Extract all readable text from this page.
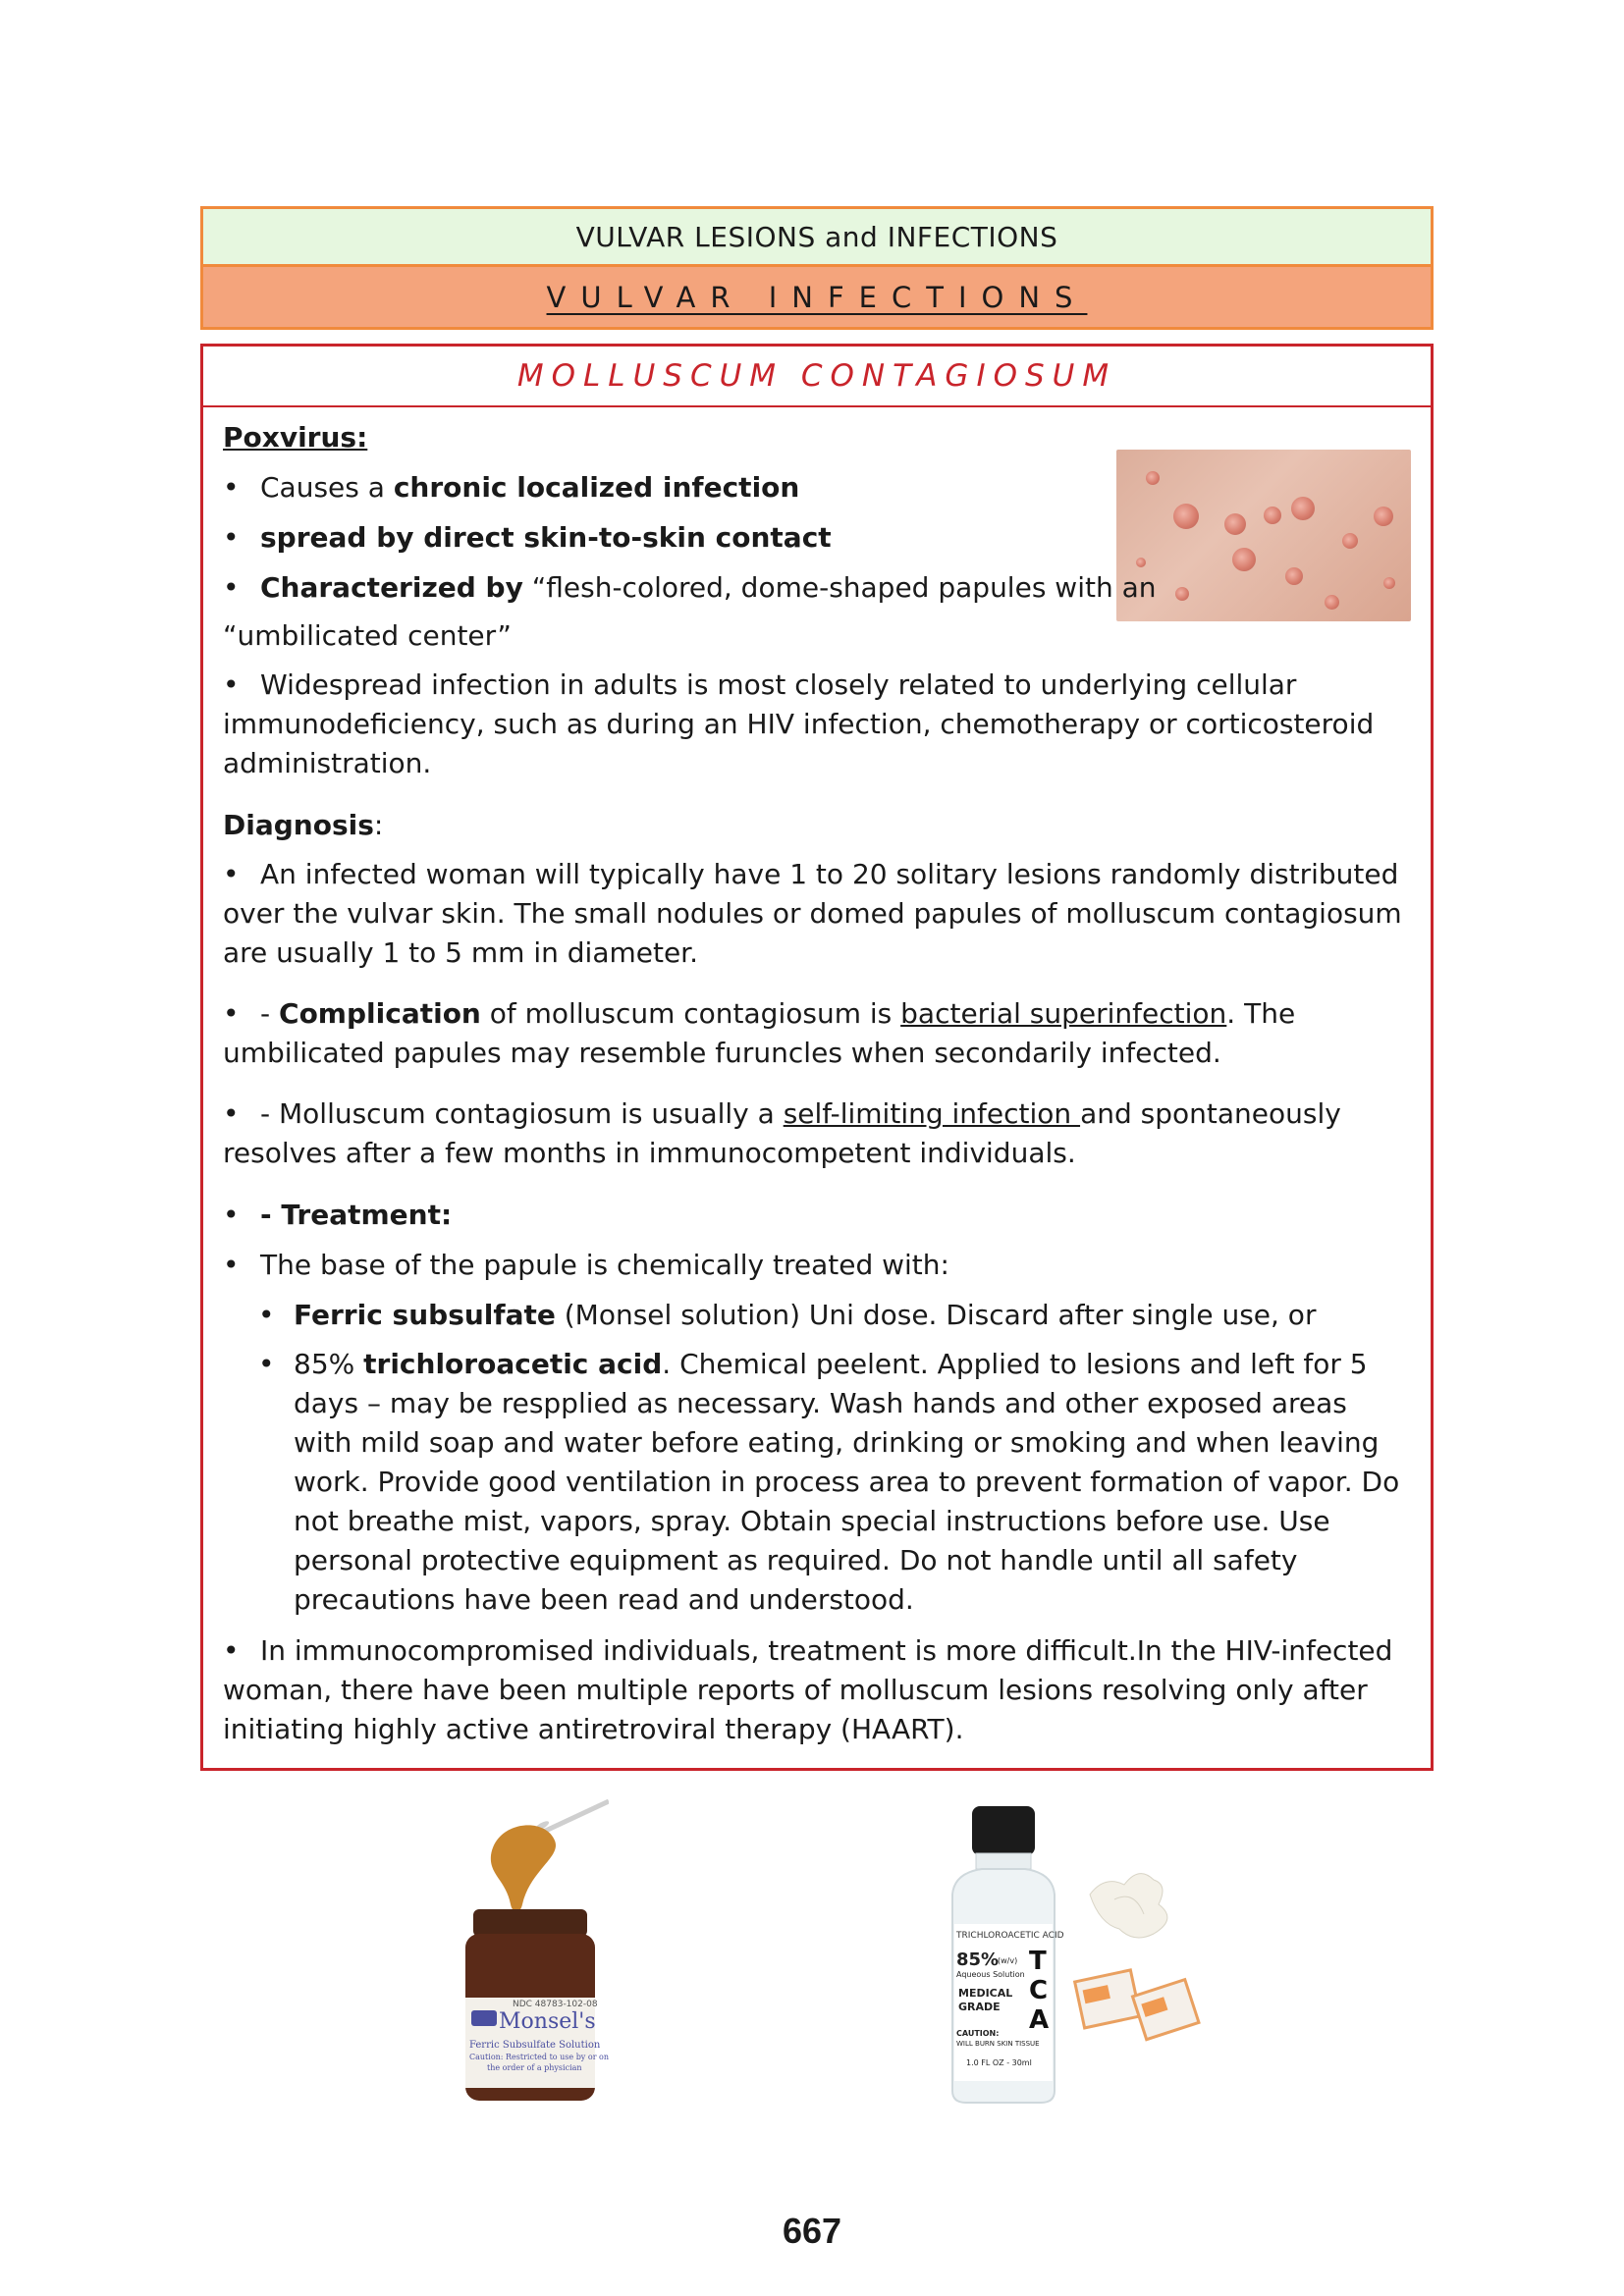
VULVAR LESIONS and INFECTIONS
VULVAR INFECTIONS
MOLLUSCUM CONTAGIOSUM

Poxvirus:

• Causes a chronic localized infection

• spread by direct skin-to-skin contact

• Characterized by “flesh-colored, dome-shaped papules with an

“umbilicated center”

• Widespread infection in adults is most closely related to underlying cellular immunodeficiency, such as during an HIV infection, chemotherapy or corticosteroid administration.

Diagnosis:

• An infected woman will typically have 1 to 20 solitary lesions randomly distributed over the vulvar skin. The small nodules or domed papules of molluscum contagiosum are usually 1 to 5 mm in diameter.

• - Complication of molluscum contagiosum is bacterial superinfection. The umbilicated papules may resemble furuncles when secondarily infected.

• - Molluscum contagiosum is usually a self-limiting infection and spontaneously resolves after a few months in immunocompetent individuals.

• - Treatment:

• The base of the papule is chemically treated with:

• Ferric subsulfate (Monsel solution) Uni dose. Discard after single use, or
• 85% trichloroacetic acid. Chemical peelent. Applied to lesions and left for 5 days – may be respplied as necessary. Wash hands and other exposed areas with mild soap and water before eating, drinking or smoking and when leaving work. Provide good ventilation in process area to prevent formation of vapor. Do not breathe mist, vapors, spray. Obtain special instructions before use. Use personal protective equipment as required. Do not handle until all safety precautions have been read and understood.

• In immunocompromised individuals, treatment is more difficult.In the HIV-infected woman, there have been multiple reports of molluscum lesions resolving only after initiating highly active antiretroviral therapy (HAART).

NDC 48783-102-08
Monsel's
Ferric Subsulfate Solution
Caution: Restricted to use by or on
the order of a physician
TRICHLOROACETIC ACID
85%
(w/v)
Aqueous Solution T
C
A
MEDICAL
GRADE
CAUTION:
WILL BURN SKIN TISSUE
1.0 FL OZ - 30ml
667
